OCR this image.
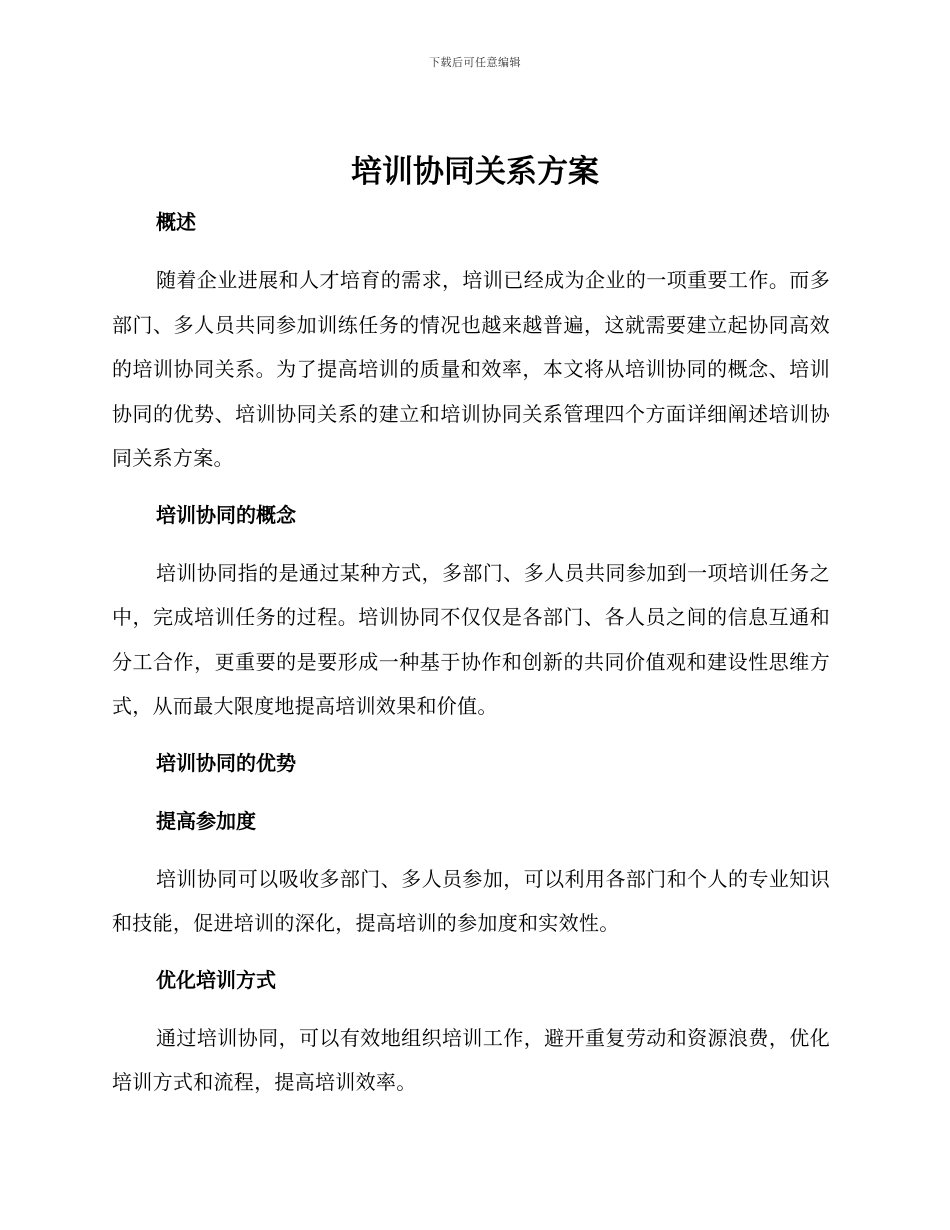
下载后可任意编辑
培训协同关系方案
概述

随着企业进展和人才培育的需求，培训已经成为企业的一项重要工作。而多部门、多人员共同参加训练任务的情况也越来越普遍，这就需要建立起协同高效的培训协同关系。为了提高培训的质量和效率，本文将从培训协同的概念、培训协同的优势、培训协同关系的建立和培训协同关系管理四个方面详细阐述培训协同关系方案。

培训协同的概念

培训协同指的是通过某种方式，多部门、多人员共同参加到一项培训任务之中，完成培训任务的过程。培训协同不仅仅是各部门、各人员之间的信息互通和分工合作，更重要的是要形成一种基于协作和创新的共同价值观和建设性思维方式，从而最大限度地提高培训效果和价值。

培训协同的优势
提高参加度

培训协同可以吸收多部门、多人员参加，可以利用各部门和个人的专业知识和技能，促进培训的深化，提高培训的参加度和实效性。

优化培训方式

通过培训协同，可以有效地组织培训工作，避开重复劳动和资源浪费，优化培训方式和流程，提高培训效率。
